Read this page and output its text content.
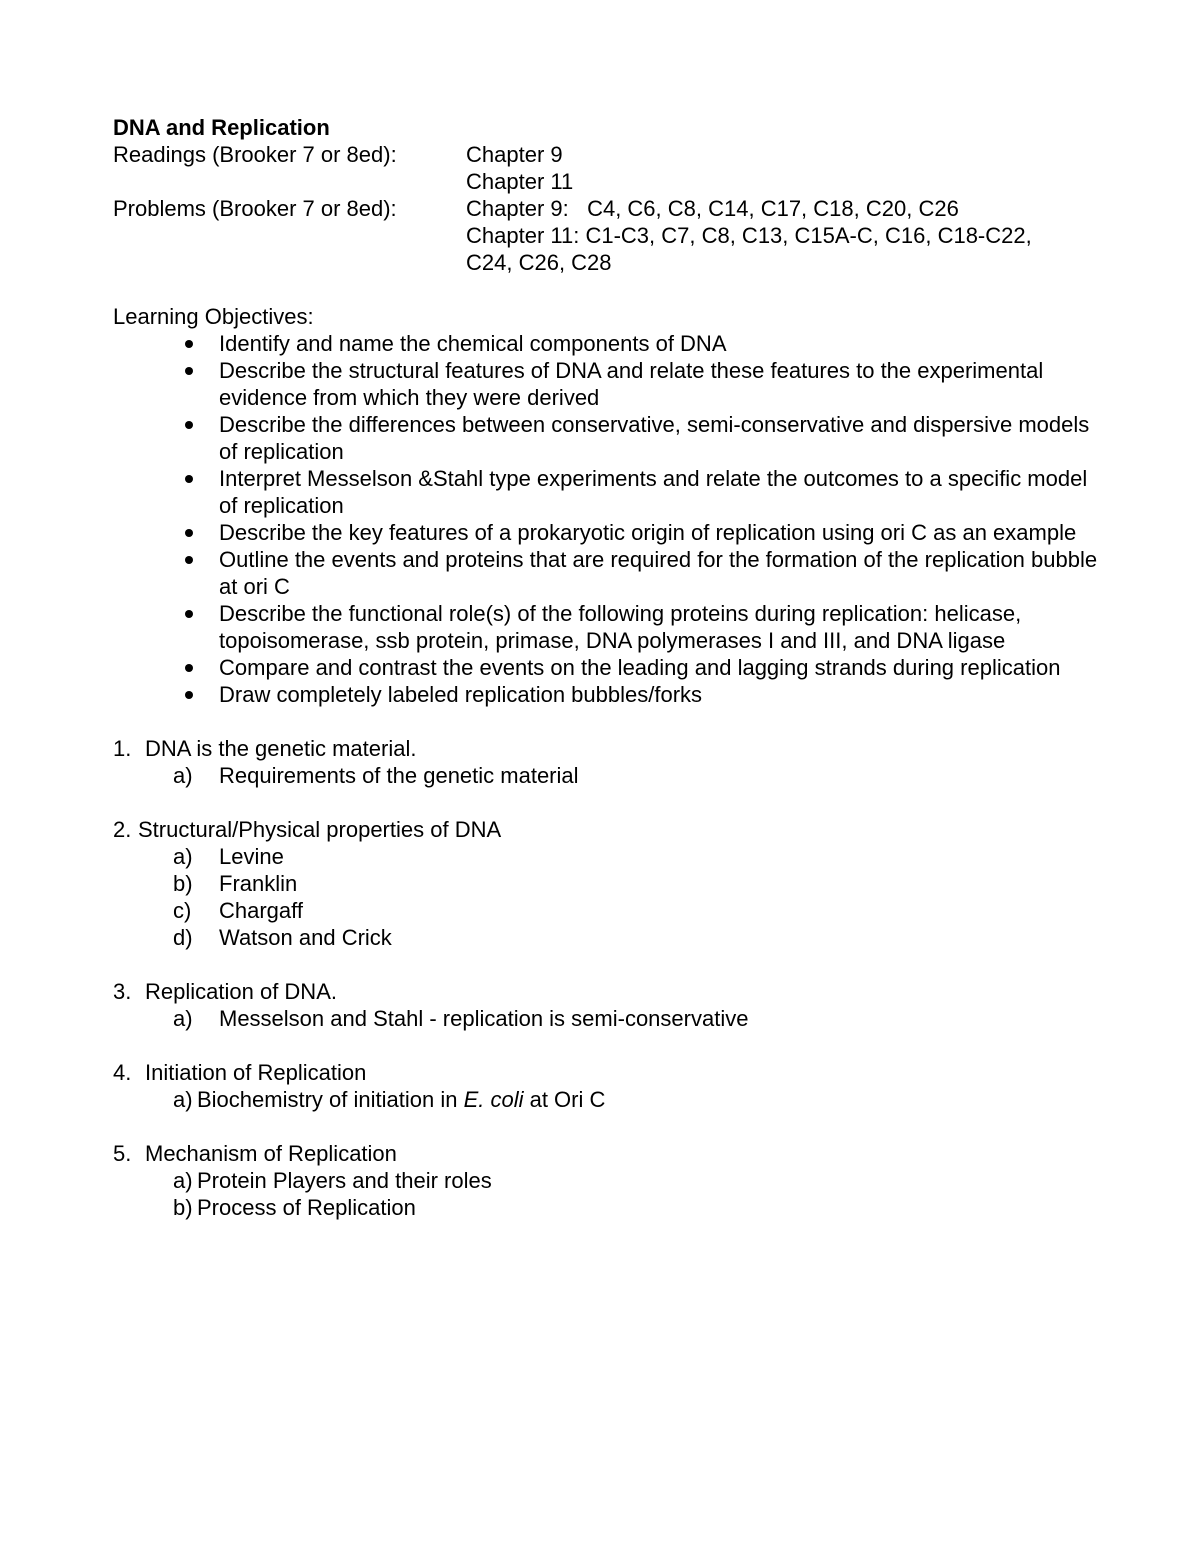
DNA and Replication
Readings (Brooker 7 or 8ed):	Chapter 9
Chapter 11
Problems (Brooker 7 or 8ed):	Chapter 9:   C4, C6, C8, C14, C17, C18, C20, C26
Chapter 11: C1-C3, C7, C8, C13, C15A-C, C16, C18-C22,
C24, C26, C28
Learning Objectives:
Identify and name the chemical components of DNA
Describe the structural features of DNA and relate these features to the experimental evidence from which they were derived
Describe the differences between conservative, semi-conservative and dispersive models of replication
Interpret Messelson &Stahl type experiments and relate the outcomes to a specific model of replication
Describe the key features of a prokaryotic origin of replication using ori C as an example
Outline the events and proteins that are required for the formation of the replication bubble at ori C
Describe the functional role(s) of the following proteins during replication: helicase, topoisomerase, ssb protein, primase, DNA polymerases I and III, and DNA ligase
Compare and contrast the events on the leading and lagging strands during replication
Draw completely labeled replication bubbles/forks
1. DNA is the genetic material.
a) Requirements of the genetic material
2. Structural/Physical properties of DNA
a) Levine
b) Franklin
c) Chargaff
d) Watson and Crick
3. Replication of DNA.
a) Messelson and Stahl - replication is semi-conservative
4. Initiation of Replication
a) Biochemistry of initiation in E. coli at Ori C
5. Mechanism of Replication
a) Protein Players and their roles
b) Process of Replication
